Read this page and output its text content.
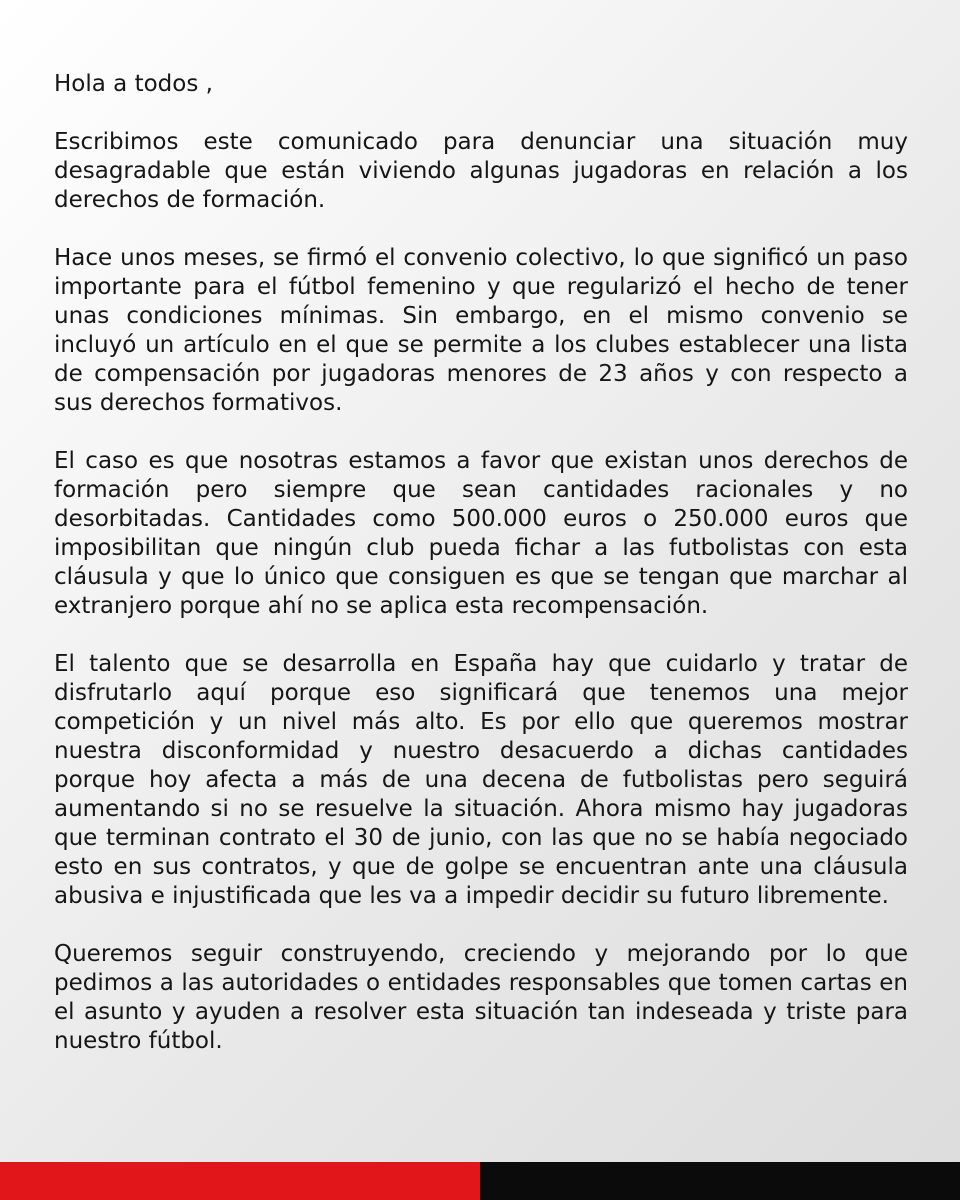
Hola a todos ,

Escribimos este comunicado para denunciar una situación muy desagradable que están viviendo algunas jugadoras en relación a los derechos de formación.

Hace unos meses, se firmó el convenio colectivo, lo que significó un paso importante para el fútbol femenino y que regularizó el hecho de tener unas condiciones mínimas. Sin embargo, en el mismo convenio se incluyó un artículo en el que se permite a los clubes establecer una lista de compensación por jugadoras menores de 23 años y con respecto a sus derechos formativos.

El caso es que nosotras estamos a favor que existan unos derechos de formación pero siempre que sean cantidades racionales y no desorbitadas. Cantidades como 500.000 euros o 250.000 euros que imposibilitan que ningún club pueda fichar a las futbolistas con esta cláusula y que lo único que consiguen es que se tengan que marchar al extranjero porque ahí no se aplica esta recompensación.

El talento que se desarrolla en España hay que cuidarlo y tratar de disfrutarlo aquí porque eso significará que tenemos una mejor competición y un nivel más alto. Es por ello que queremos mostrar nuestra disconformidad y nuestro desacuerdo a dichas cantidades porque hoy afecta a más de una decena de futbolistas pero seguirá aumentando si no se resuelve la situación. Ahora mismo hay jugadoras que terminan contrato el 30 de junio, con las que no se había negociado esto en sus contratos, y que de golpe se encuentran ante una cláusula abusiva e injustificada que les va a impedir decidir su futuro libremente.

Queremos seguir construyendo, creciendo y mejorando por lo que pedimos a las autoridades o entidades responsables que tomen cartas en el asunto y ayuden a resolver esta situación tan indeseada y triste para nuestro fútbol.
